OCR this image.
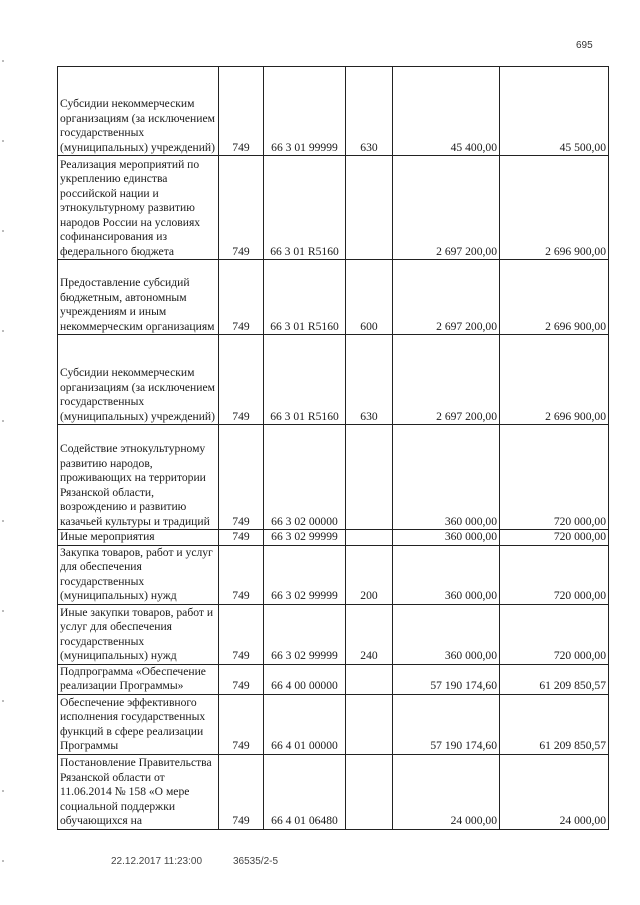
695
Субсидии некоммерческим организациям (за исключением государственных (муниципальных) учреждений)	749	66 3 01 99999	630	45 400,00	45 500,00
Реализация мероприятий по укреплению единства российской нации и этнокультурному развитию народов России на условиях софинансирования из федерального бюджета	749	66 3 01 R5160		2 697 200,00	2 696 900,00
Предоставление субсидий бюджетным, автономным учреждениям и иным некоммерческим организациям	749	66 3 01 R5160	600	2 697 200,00	2 696 900,00
Субсидии некоммерческим организациям (за исключением государственных (муниципальных) учреждений)	749	66 3 01 R5160	630	2 697 200,00	2 696 900,00
Содействие этнокультурному развитию народов, проживающих на территории Рязанской области, возрождению и развитию казачьей культуры и традиций	749	66 3 02 00000		360 000,00	720 000,00
Иные мероприятия	749	66 3 02 99999		360 000,00	720 000,00
Закупка товаров, работ и услуг для обеспечения государственных (муниципальных) нужд	749	66 3 02 99999	200	360 000,00	720 000,00
Иные закупки товаров, работ и услуг для обеспечения государственных (муниципальных) нужд	749	66 3 02 99999	240	360 000,00	720 000,00
Подпрограмма «Обеспечение реализации Программы»	749	66 4 00 00000		57 190 174,60	61 209 850,57
Обеспечение эффективного исполнения государственных функций в сфере реализации Программы	749	66 4 01 00000		57 190 174,60	61 209 850,57
Постановление Правительства Рязанской области от 11.06.2014 № 158 «О мере социальной поддержки обучающихся на	749	66 4 01 06480		24 000,00	24 000,00
22.12.2017 11:23:00	36535/2-5
